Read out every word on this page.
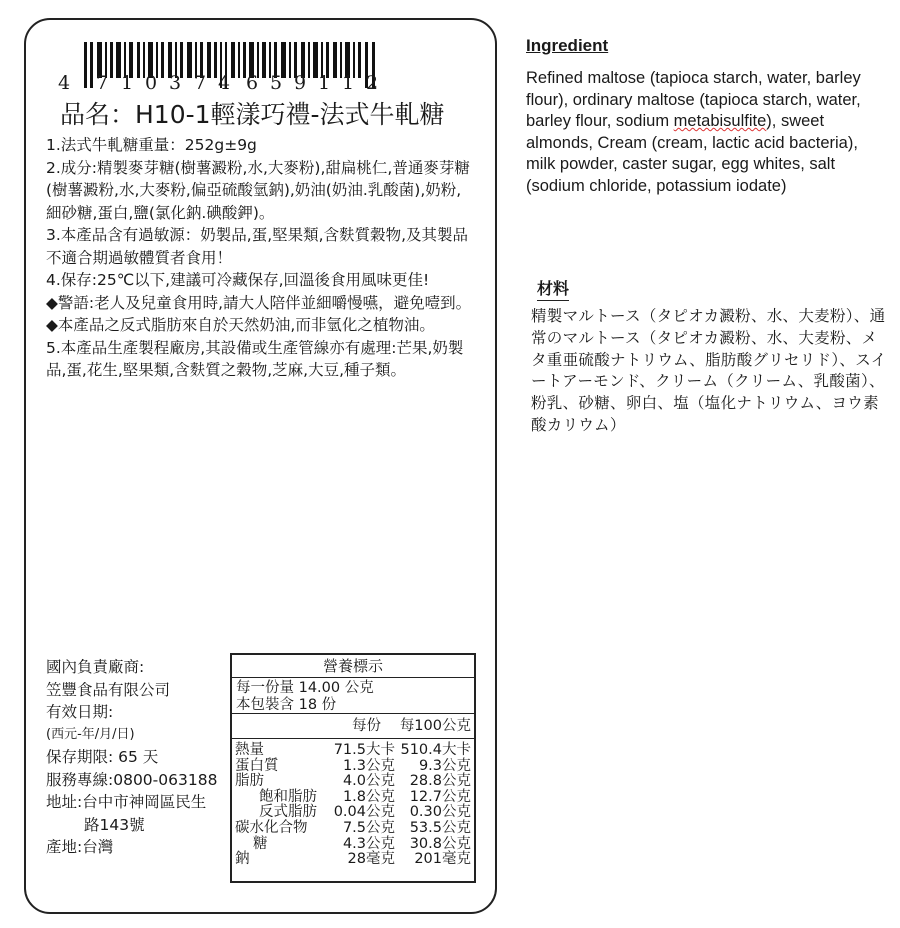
4 7 1 0 3 7 4 6 5 9 1 1 2
品名：H10-1輕漾巧禮-法式牛軋糖

1.法式牛軋糖重量：252g±9g

2.成分:精製麥芽糖(樹薯澱粉,水,大麥粉),甜扁桃仁,普通麥芽糖(樹薯澱粉,水,大麥粉,偏亞硫酸氫鈉),奶油(奶油.乳酸菌),奶粉,細砂糖,蛋白,鹽(氯化鈉.碘酸鉀)。

3.本產品含有過敏源：奶製品,蛋,堅果類,含麩質穀物,及其製品不適合期過敏體質者食用！

4.保存:25℃以下,建議可冷藏保存,回溫後食用風味更佳!

◆警語:老人及兒童食用時,請大人陪伴並細嚼慢嚥，避免噎到。

◆本產品之反式脂肪來自於天然奶油,而非氫化之植物油。

5.本產品生產製程廠房,其設備或生產管線亦有處理:芒果,奶製品,蛋,花生,堅果類,含麩質之穀物,芝麻,大豆,種子類。

國內負責廠商:
笠豐食品有限公司
有效日期:
(西元-年/月/日)
保存期限: 65 天
服務專線:0800-063188
地址:台中市神岡區民生
路143號
產地:台灣
營養標示
每一份量 14.00 公克
本包裝含 18 份
每份 每100公克
熱量	71.5大卡	510.4大卡
蛋白質	1.3公克	9.3公克
脂肪	4.0公克	28.8公克
飽和脂肪	1.8公克	12.7公克
反式脂肪	0.04公克	0.30公克
碳水化合物	7.5公克	53.5公克
糖	4.3公克	30.8公克
鈉	28毫克	201毫克
Ingredient
Refined maltose (tapioca starch, water, barley flour), ordinary maltose (tapioca starch, water, barley flour, sodium metabisulfite), sweet almonds, Cream (cream, lactic acid bacteria), milk powder, caster sugar, egg whites, salt (sodium chloride, potassium iodate)
材料
精製マルトース（タピオカ澱粉、水、大麦粉）、通常のマルトース（タピオカ澱粉、水、大麦粉、メタ重亜硫酸ナトリウム、脂肪酸グリセリド）、スイートアーモンド、クリーム（クリーム、乳酸菌）、粉乳、砂糖、卵白、塩（塩化ナトリウム、ヨウ素酸カリウム）
